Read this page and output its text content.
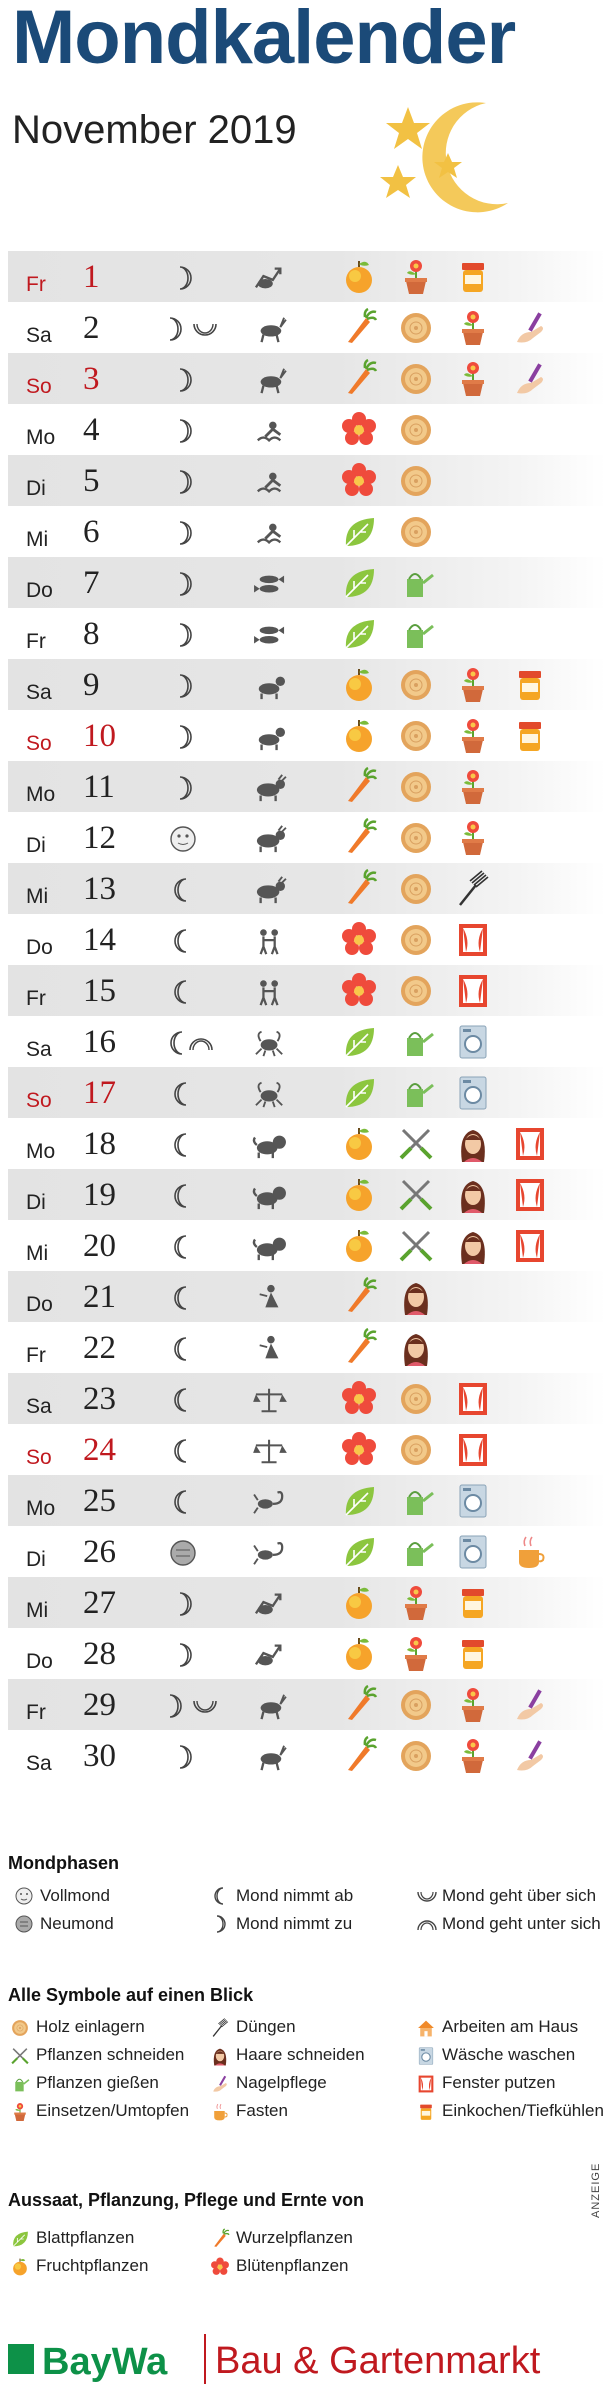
Mondkalender
November 2019
Fr 1
Sa 2
So 3
Mo 4
Di 5
Mi 6
Do 7
Fr 8
Sa 9
So 10
Mo 11
Di 12
Mi 13
Do 14
Fr 15
Sa 16
So 17
Mo 18
Di 19
Mi 20
Do 21
Fr 22
Sa 23
So 24
Mo 25
Di 26
Mi 27
Do 28
Fr 29
Sa 30
Mondphasen
Vollmond
Neumond
Mond nimmt ab
Mond nimmt zu
Mond geht über sich
Mond geht unter sich
Alle Symbole auf einen Blick
Holz einlagern
Pflanzen schneiden
Pflanzen gießen
Einsetzen/Umtopfen
Düngen
Haare schneiden
Nagelpflege
Fasten
Arbeiten am Haus
Wäsche waschen
Fenster putzen
Einkochen/Tiefkühlen
Aussaat, Pflanzung, Pflege und Ernte von
Blattpflanzen
Fruchtpflanzen
Wurzelpflanzen
Blütenpflanzen
ANZEIGE
BayWa Bau & Gartenmarkt
